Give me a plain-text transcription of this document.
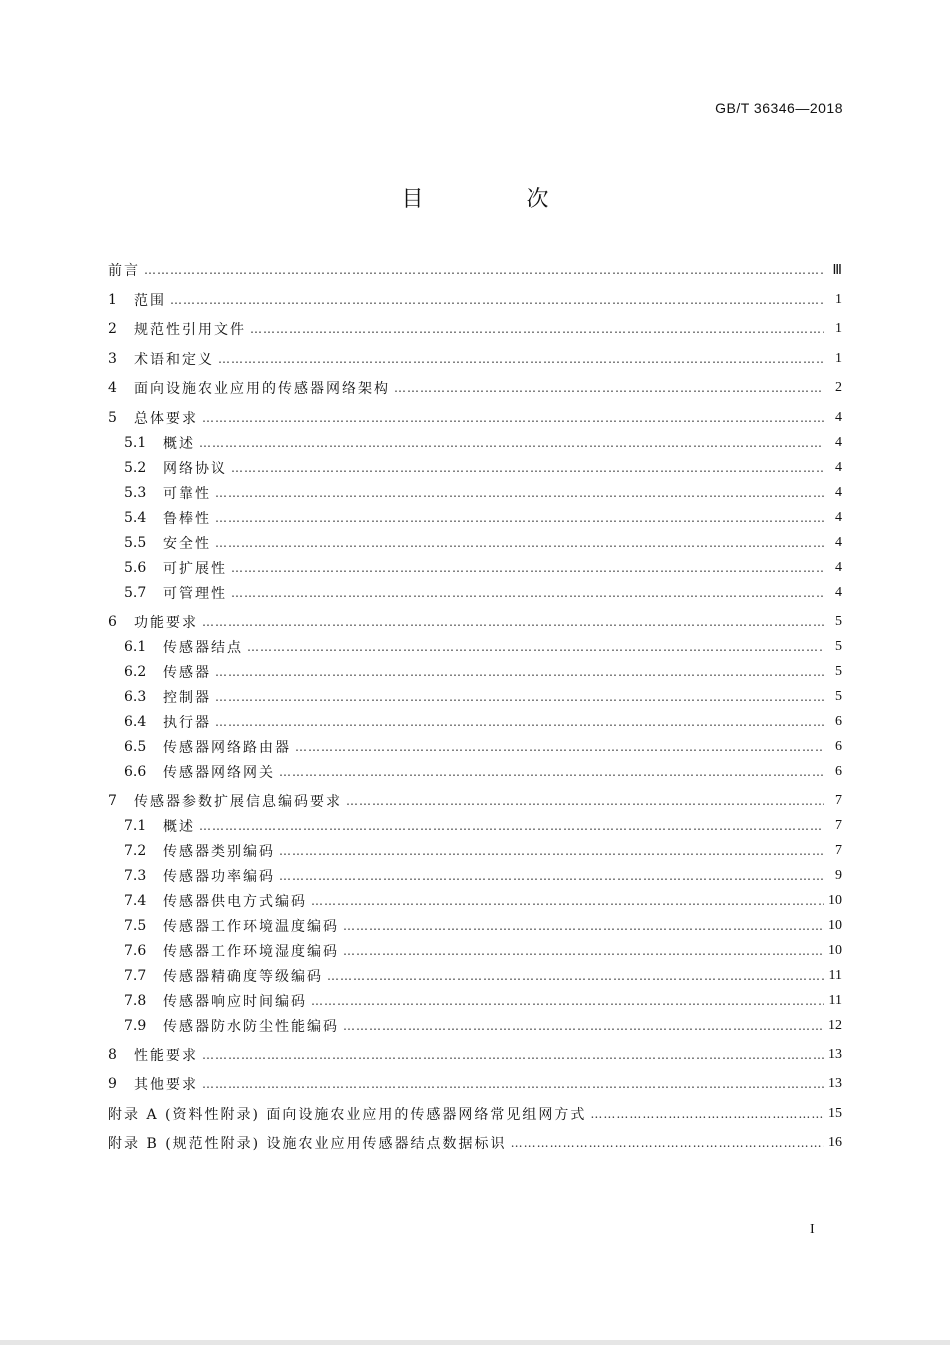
GB/T 36346—2018
目 次
前言 ………………………………………………………………………………………………………………………………………………………………………………………………………………	Ⅲ
1	范围 ………………………………………………………………………………………………………………………………………………………………………………………………………………	1
2	规范性引用文件 ………………………………………………………………………………………………………………………………………………………………………………………………………………	1
3	术语和定义 ………………………………………………………………………………………………………………………………………………………………………………………………………………	1
4	面向设施农业应用的传感器网络架构 ………………………………………………………………………………………………………………………………………………………………………………………………………………	2
5	总体要求 ………………………………………………………………………………………………………………………………………………………………………………………………………………	4
5.1	概述 ………………………………………………………………………………………………………………………………………………………………………………………………………………	4
5.2	网络协议 ………………………………………………………………………………………………………………………………………………………………………………………………………………	4
5.3	可靠性 ………………………………………………………………………………………………………………………………………………………………………………………………………………	4
5.4	鲁棒性 ………………………………………………………………………………………………………………………………………………………………………………………………………………	4
5.5	安全性 ………………………………………………………………………………………………………………………………………………………………………………………………………………	4
5.6	可扩展性 ………………………………………………………………………………………………………………………………………………………………………………………………………………	4
5.7	可管理性 ………………………………………………………………………………………………………………………………………………………………………………………………………………	4
6	功能要求 ………………………………………………………………………………………………………………………………………………………………………………………………………………	5
6.1	传感器结点 ………………………………………………………………………………………………………………………………………………………………………………………………………………	5
6.2	传感器 ………………………………………………………………………………………………………………………………………………………………………………………………………………	5
6.3	控制器 ………………………………………………………………………………………………………………………………………………………………………………………………………………	5
6.4	执行器 ………………………………………………………………………………………………………………………………………………………………………………………………………………	6
6.5	传感器网络路由器 ………………………………………………………………………………………………………………………………………………………………………………………………………………	6
6.6	传感器网络网关 ………………………………………………………………………………………………………………………………………………………………………………………………………………	6
7	传感器参数扩展信息编码要求 ………………………………………………………………………………………………………………………………………………………………………………………………………………	7
7.1	概述 ………………………………………………………………………………………………………………………………………………………………………………………………………………	7
7.2	传感器类别编码 ………………………………………………………………………………………………………………………………………………………………………………………………………………	7
7.3	传感器功率编码 ………………………………………………………………………………………………………………………………………………………………………………………………………………	9
7.4	传感器供电方式编码 ………………………………………………………………………………………………………………………………………………………………………………………………………………	10
7.5	传感器工作环境温度编码 ………………………………………………………………………………………………………………………………………………………………………………………………………………	10
7.6	传感器工作环境湿度编码 ………………………………………………………………………………………………………………………………………………………………………………………………………………	10
7.7	传感器精确度等级编码 ………………………………………………………………………………………………………………………………………………………………………………………………………………	11
7.8	传感器响应时间编码 ………………………………………………………………………………………………………………………………………………………………………………………………………………	11
7.9	传感器防水防尘性能编码 ………………………………………………………………………………………………………………………………………………………………………………………………………………	12
8	性能要求 ………………………………………………………………………………………………………………………………………………………………………………………………………………	13
9	其他要求 ………………………………………………………………………………………………………………………………………………………………………………………………………………	13
附录 A (资料性附录) 面向设施农业应用的传感器网络常见组网方式 ………………………………………………………………………………………………………………………………………………………………………………………………………………	15
附录 B (规范性附录) 设施农业应用传感器结点数据标识 ………………………………………………………………………………………………………………………………………………………………………………………………………………	16
I
